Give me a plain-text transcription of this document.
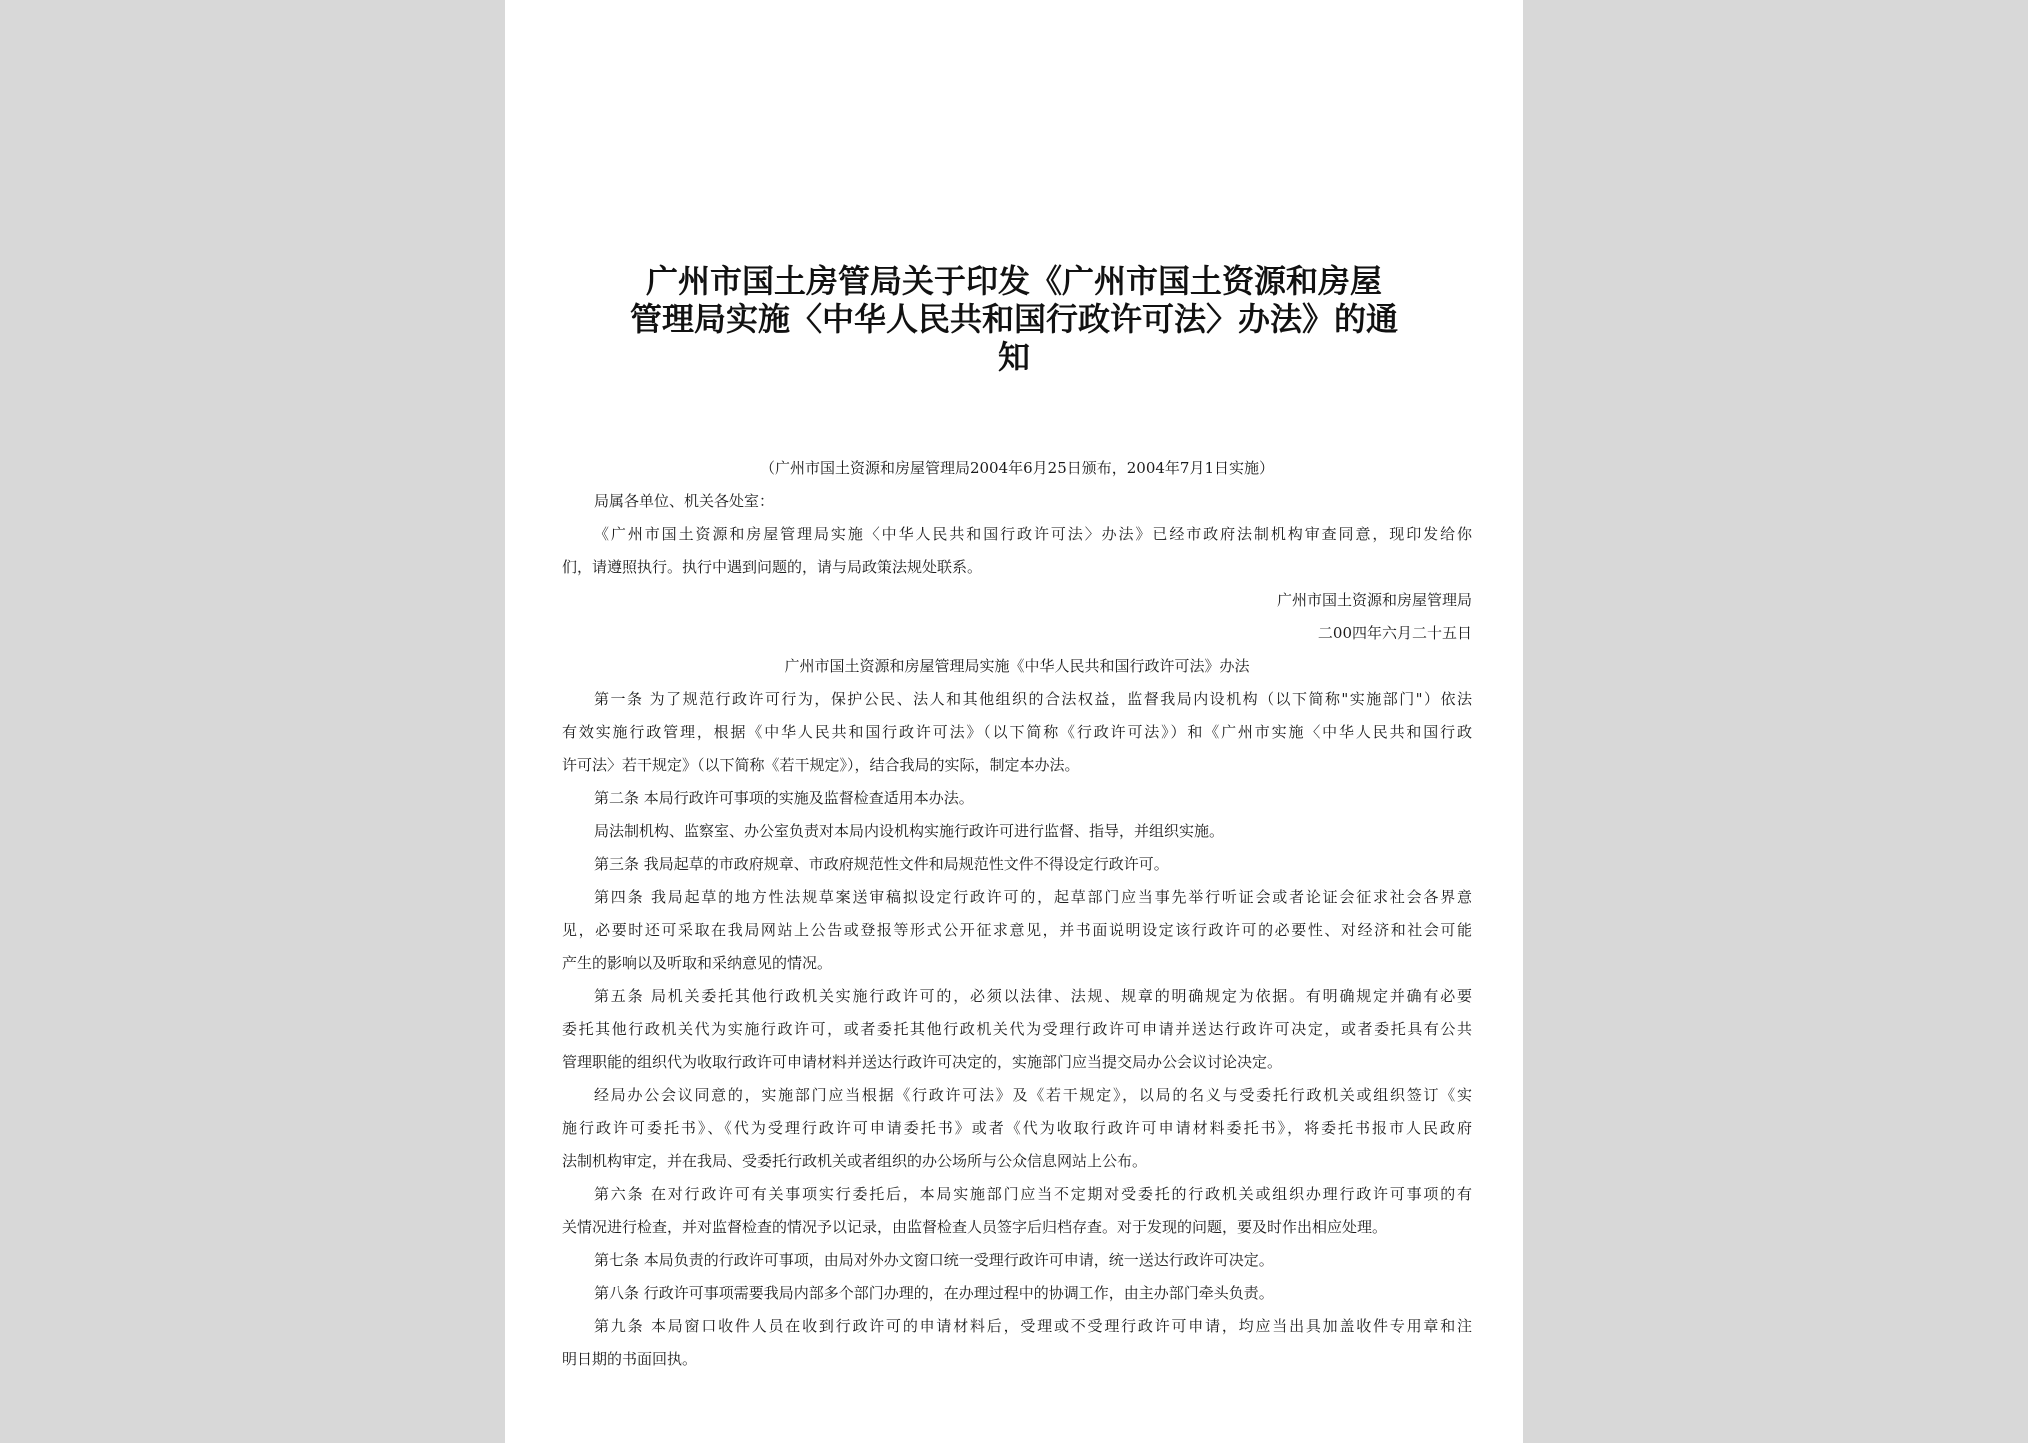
广州市国土房管局关于印发《广州市国土资源和房屋
管理局实施〈中华人民共和国行政许可法〉办法》的通
知
（广州市国土资源和房屋管理局2004年6月25日颁布，2004年7月1日实施）
局属各单位、机关各处室：
《广州市国土资源和房屋管理局实施〈中华人民共和国行政许可法〉办法》已经市政府法制机构审查同意，现印发给你
们，请遵照执行。执行中遇到问题的，请与局政策法规处联系。
广州市国土资源和房屋管理局
二00四年六月二十五日
广州市国土资源和房屋管理局实施《中华人民共和国行政许可法》办法
第一条 为了规范行政许可行为，保护公民、法人和其他组织的合法权益，监督我局内设机构（以下简称"实施部门"）依法
有效实施行政管理，根据《中华人民共和国行政许可法》（以下简称《行政许可法》）和《广州市实施〈中华人民共和国行政
许可法〉若干规定》（以下简称《若干规定》），结合我局的实际，制定本办法。
第二条 本局行政许可事项的实施及监督检查适用本办法。
局法制机构、监察室、办公室负责对本局内设机构实施行政许可进行监督、指导，并组织实施。
第三条 我局起草的市政府规章、市政府规范性文件和局规范性文件不得设定行政许可。
第四条 我局起草的地方性法规草案送审稿拟设定行政许可的，起草部门应当事先举行听证会或者论证会征求社会各界意
见，必要时还可采取在我局网站上公告或登报等形式公开征求意见，并书面说明设定该行政许可的必要性、对经济和社会可能
产生的影响以及听取和采纳意见的情况。
第五条 局机关委托其他行政机关实施行政许可的，必须以法律、法规、规章的明确规定为依据。有明确规定并确有必要
委托其他行政机关代为实施行政许可，或者委托其他行政机关代为受理行政许可申请并送达行政许可决定，或者委托具有公共
管理职能的组织代为收取行政许可申请材料并送达行政许可决定的，实施部门应当提交局办公会议讨论决定。
经局办公会议同意的，实施部门应当根据《行政许可法》及《若干规定》，以局的名义与受委托行政机关或组织签订《实
施行政许可委托书》、《代为受理行政许可申请委托书》或者《代为收取行政许可申请材料委托书》，将委托书报市人民政府
法制机构审定，并在我局、受委托行政机关或者组织的办公场所与公众信息网站上公布。
第六条 在对行政许可有关事项实行委托后，本局实施部门应当不定期对受委托的行政机关或组织办理行政许可事项的有
关情况进行检查，并对监督检查的情况予以记录，由监督检查人员签字后归档存查。对于发现的问题，要及时作出相应处理。
第七条 本局负责的行政许可事项，由局对外办文窗口统一受理行政许可申请，统一送达行政许可决定。
第八条 行政许可事项需要我局内部多个部门办理的，在办理过程中的协调工作，由主办部门牵头负责。
第九条 本局窗口收件人员在收到行政许可的申请材料后，受理或不受理行政许可申请，均应当出具加盖收件专用章和注
明日期的书面回执。
